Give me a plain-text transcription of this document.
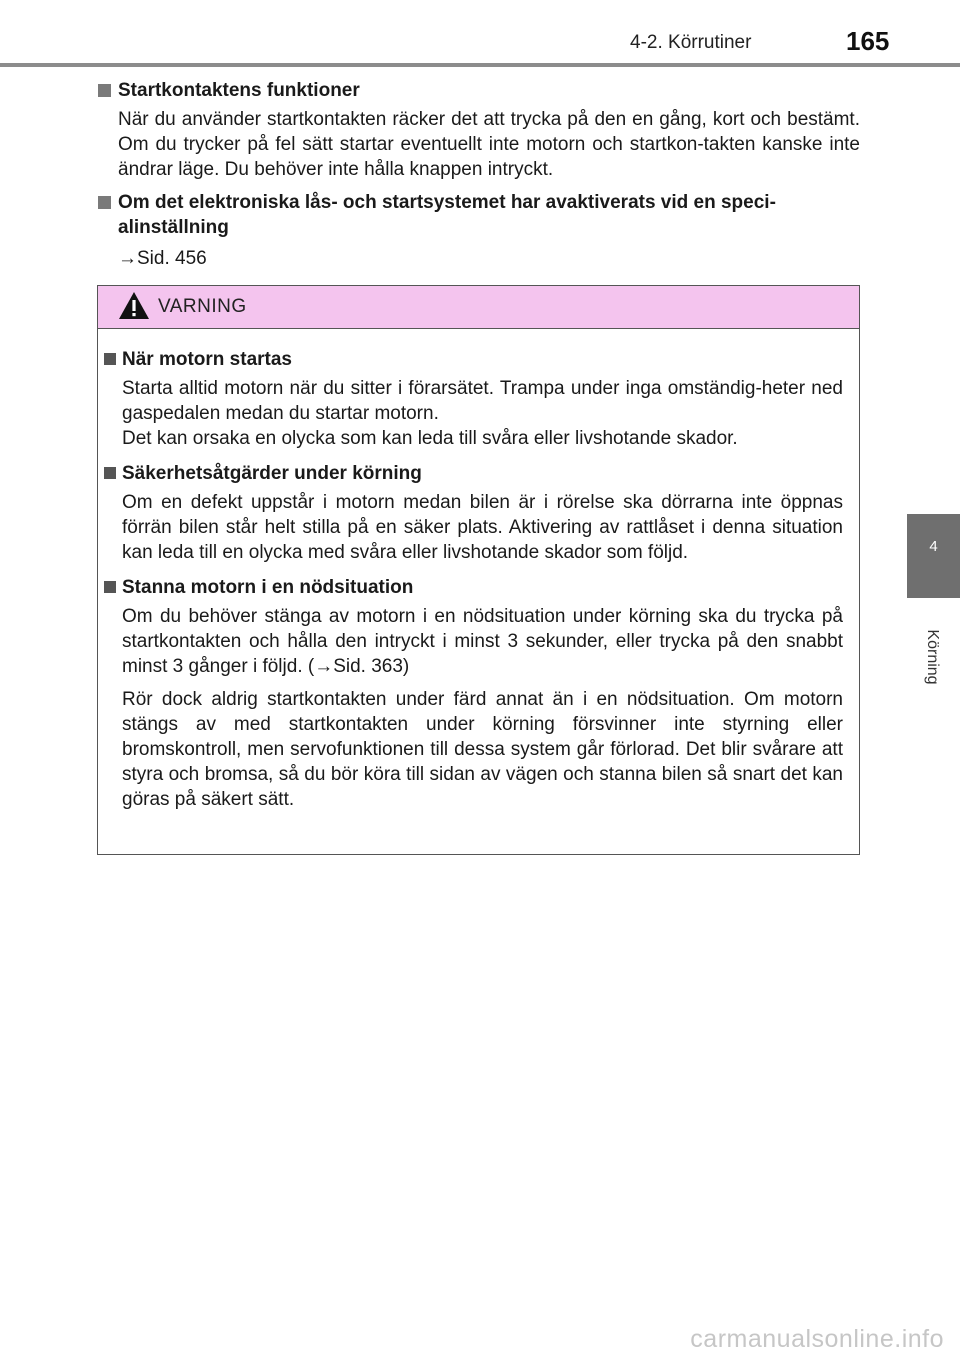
4-2. Körrutiner	165
4
Körning
Startkontaktens funktioner

När du använder startkontakten räcker det att trycka på den en gång, kort och bestämt. Om du trycker på fel sätt startar eventuellt inte motorn och startkon-takten kanske inte ändrar läge. Du behöver inte hålla knappen intryckt.

Om det elektroniska lås- och startsystemet har avaktiverats vid en speci-alinställning

→Sid. 456

VARNING
När motorn startas

Starta alltid motorn när du sitter i förarsätet. Trampa under inga omständig-heter ned gaspedalen medan du startar motorn.

Det kan orsaka en olycka som kan leda till svåra eller livshotande skador.

Säkerhetsåtgärder under körning

Om en defekt uppstår i motorn medan bilen är i rörelse ska dörrarna inte öppnas förrän bilen står helt stilla på en säker plats. Aktivering av rattlåset i denna situation kan leda till en olycka med svåra eller livshotande skador som följd.

Stanna motorn i en nödsituation

Om du behöver stänga av motorn i en nödsituation under körning ska du trycka på startkontakten och hålla den intryckt i minst 3 sekunder, eller trycka på den snabbt minst 3 gånger i följd. (→Sid. 363)

Rör dock aldrig startkontakten under färd annat än i en nödsituation. Om motorn stängs av med startkontakten under körning försvinner inte styrning eller bromskontroll, men servofunktionen till dessa system går förlorad. Det blir svårare att styra och bromsa, så du bör köra till sidan av vägen och stanna bilen så snart det kan göras på säkert sätt.

carmanualsonline.info
